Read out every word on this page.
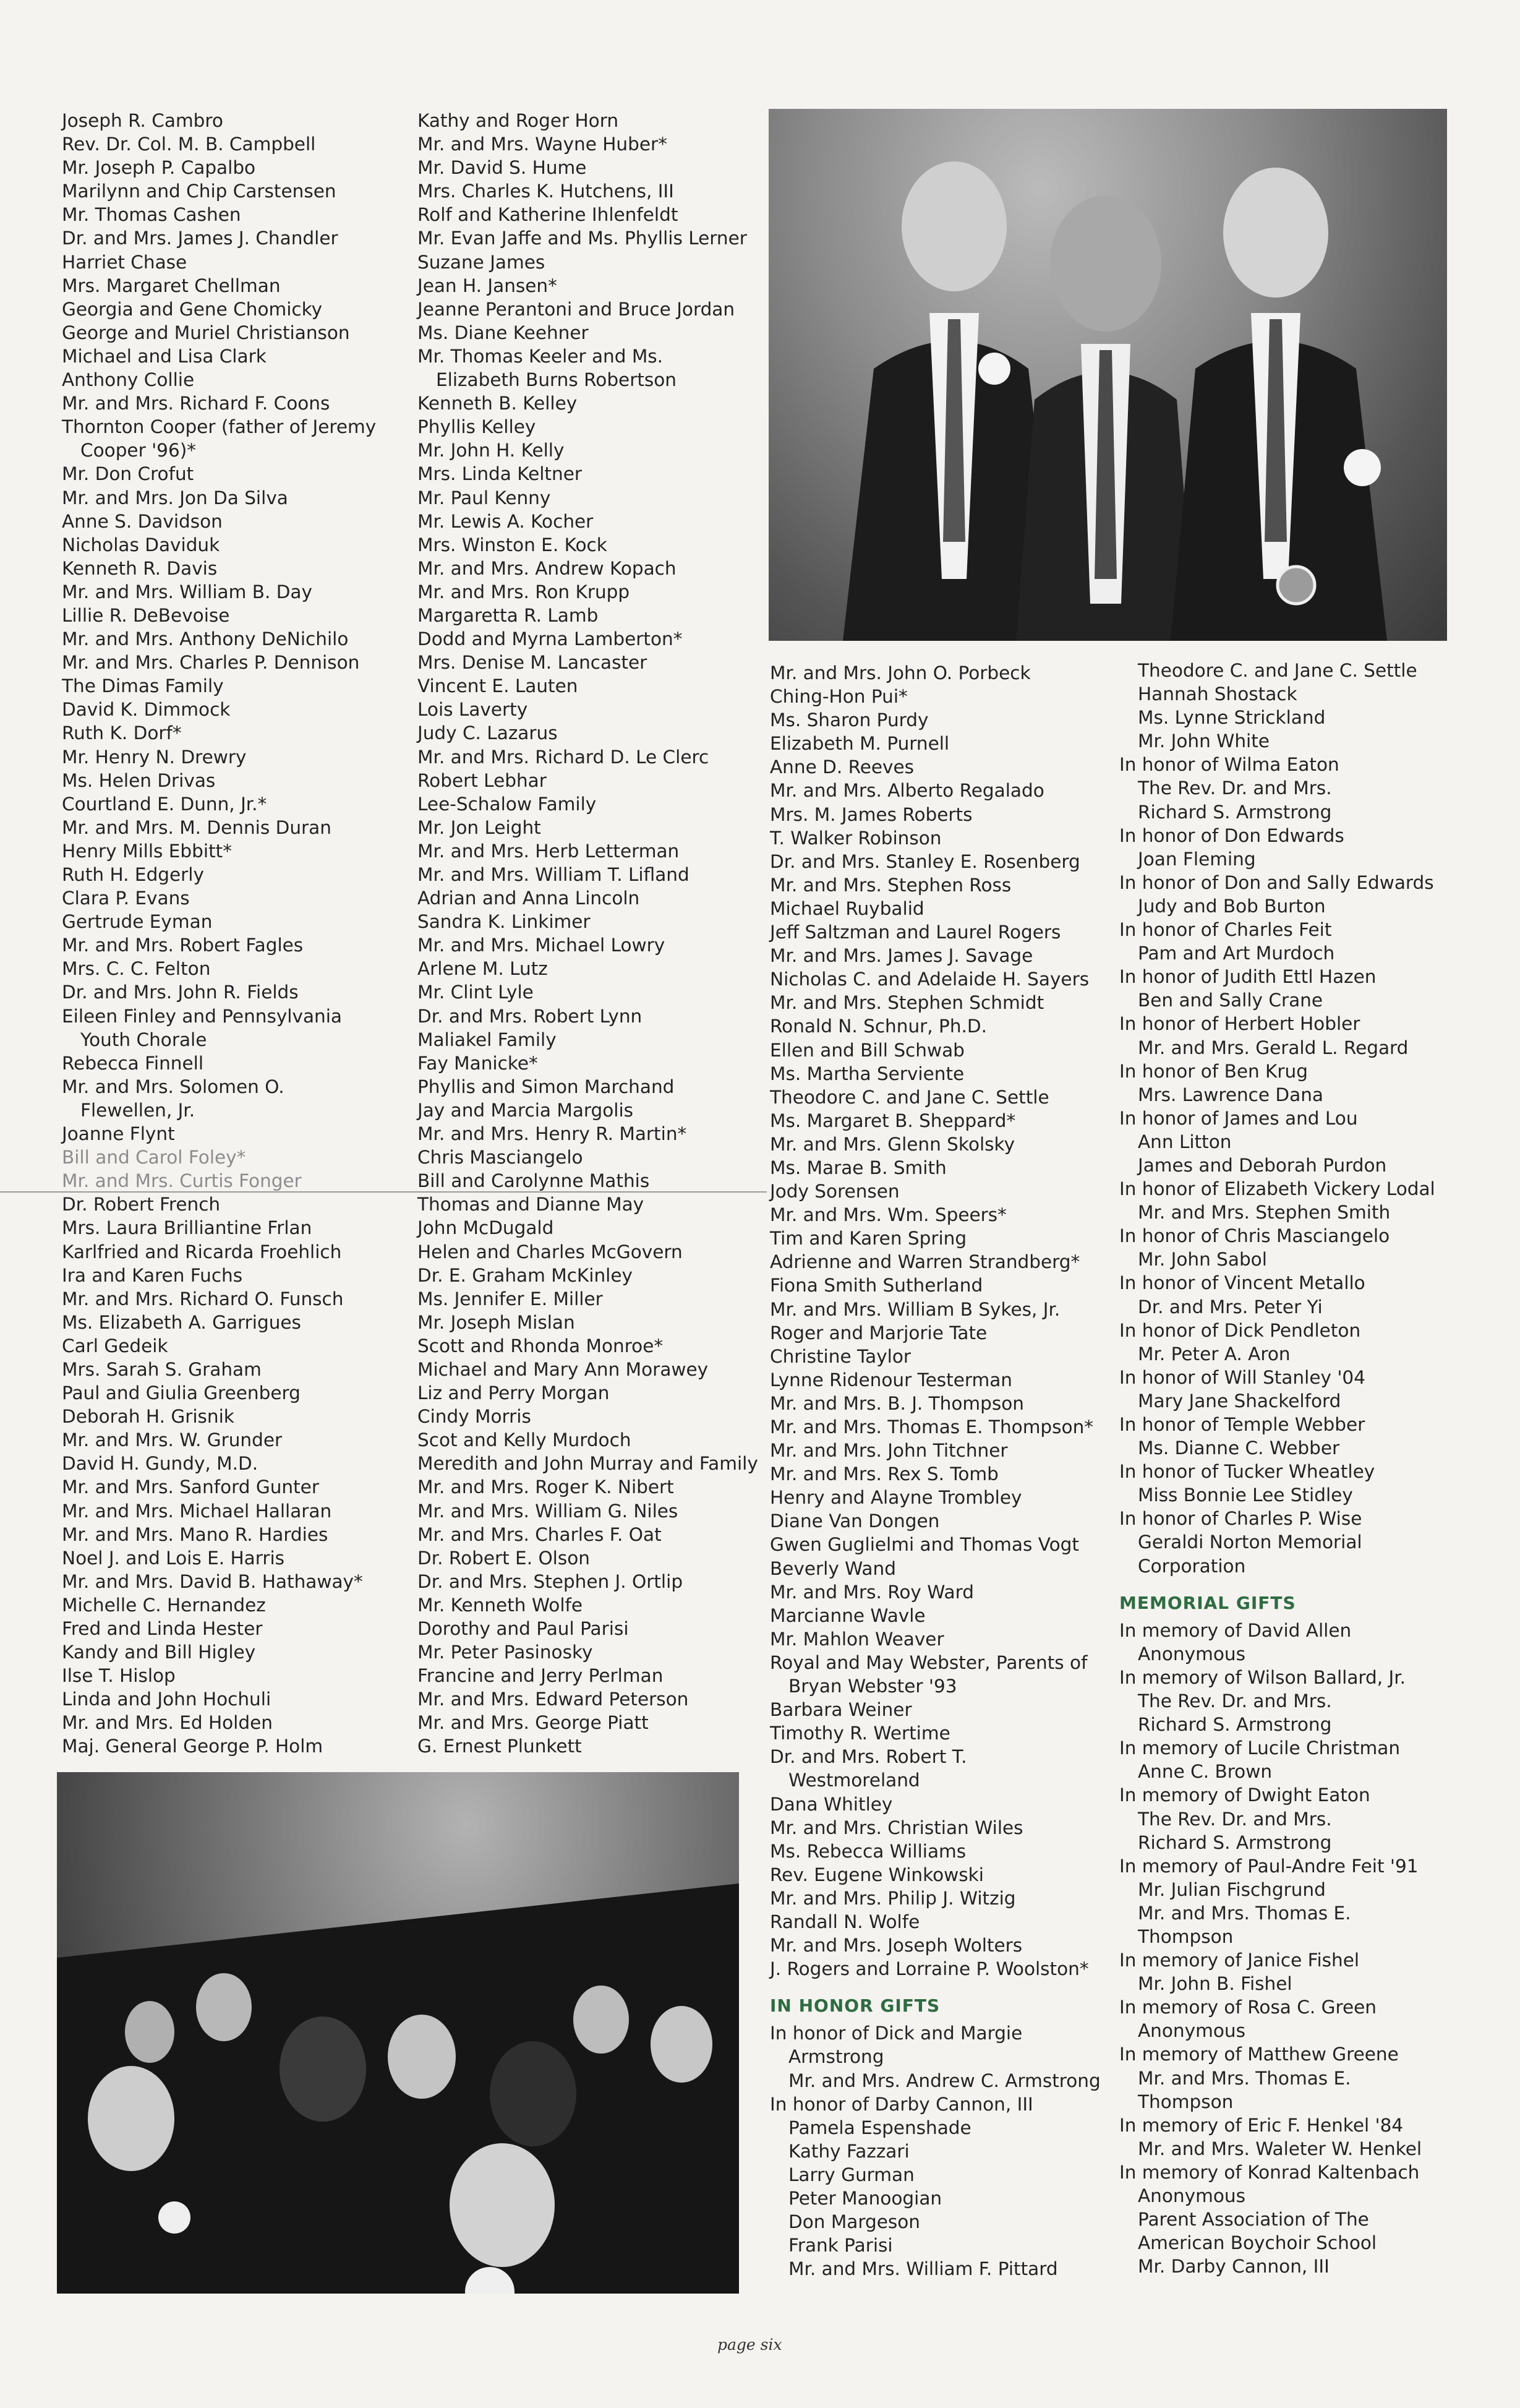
Joseph R. Cambro
Rev. Dr. Col. M. B. Campbell
Mr. Joseph P. Capalbo
Marilynn and Chip Carstensen
Mr. Thomas Cashen
Dr. and Mrs. James J. Chandler
Harriet Chase
Mrs. Margaret Chellman
Georgia and Gene Chomicky
George and Muriel Christianson
Michael and Lisa Clark
Anthony Collie
Mr. and Mrs. Richard F. Coons
Thornton Cooper (father of Jeremy
Cooper '96)*
Mr. Don Crofut
Mr. and Mrs. Jon Da Silva
Anne S. Davidson
Nicholas Daviduk
Kenneth R. Davis
Mr. and Mrs. William B. Day
Lillie R. DeBevoise
Mr. and Mrs. Anthony DeNichilo
Mr. and Mrs. Charles P. Dennison
The Dimas Family
David K. Dimmock
Ruth K. Dorf*
Mr. Henry N. Drewry
Ms. Helen Drivas
Courtland E. Dunn, Jr.*
Mr. and Mrs. M. Dennis Duran
Henry Mills Ebbitt*
Ruth H. Edgerly
Clara P. Evans
Gertrude Eyman
Mr. and Mrs. Robert Fagles
Mrs. C. C. Felton
Dr. and Mrs. John R. Fields
Eileen Finley and Pennsylvania
Youth Chorale
Rebecca Finnell
Mr. and Mrs. Solomen O.
Flewellen, Jr.
Joanne Flynt
Bill and Carol Foley*
Mr. and Mrs. Curtis Fonger
Dr. Robert French
Mrs. Laura Brilliantine Frlan
Karlfried and Ricarda Froehlich
Ira and Karen Fuchs
Mr. and Mrs. Richard O. Funsch
Ms. Elizabeth A. Garrigues
Carl Gedeik
Mrs. Sarah S. Graham
Paul and Giulia Greenberg
Deborah H. Grisnik
Mr. and Mrs. W. Grunder
David H. Gundy, M.D.
Mr. and Mrs. Sanford Gunter
Mr. and Mrs. Michael Hallaran
Mr. and Mrs. Mano R. Hardies
Noel J. and Lois E. Harris
Mr. and Mrs. David B. Hathaway*
Michelle C. Hernandez
Fred and Linda Hester
Kandy and Bill Higley
Ilse T. Hislop
Linda and John Hochuli
Mr. and Mrs. Ed Holden
Maj. General George P. Holm
Kathy and Roger Horn
Mr. and Mrs. Wayne Huber*
Mr. David S. Hume
Mrs. Charles K. Hutchens, III
Rolf and Katherine Ihlenfeldt
Mr. Evan Jaffe and Ms. Phyllis Lerner
Suzane James
Jean H. Jansen*
Jeanne Perantoni and Bruce Jordan
Ms. Diane Keehner
Mr. Thomas Keeler and Ms.
Elizabeth Burns Robertson
Kenneth B. Kelley
Phyllis Kelley
Mr. John H. Kelly
Mrs. Linda Keltner
Mr. Paul Kenny
Mr. Lewis A. Kocher
Mrs. Winston E. Kock
Mr. and Mrs. Andrew Kopach
Mr. and Mrs. Ron Krupp
Margaretta R. Lamb
Dodd and Myrna Lamberton*
Mrs. Denise M. Lancaster
Vincent E. Lauten
Lois Laverty
Judy C. Lazarus
Mr. and Mrs. Richard D. Le Clerc
Robert Lebhar
Lee-Schalow Family
Mr. Jon Leight
Mr. and Mrs. Herb Letterman
Mr. and Mrs. William T. Lifland
Adrian and Anna Lincoln
Sandra K. Linkimer
Mr. and Mrs. Michael Lowry
Arlene M. Lutz
Mr. Clint Lyle
Dr. and Mrs. Robert Lynn
Maliakel Family
Fay Manicke*
Phyllis and Simon Marchand
Jay and Marcia Margolis
Mr. and Mrs. Henry R. Martin*
Chris Masciangelo
Bill and Carolynne Mathis
Thomas and Dianne May
John McDugald
Helen and Charles McGovern
Dr. E. Graham McKinley
Ms. Jennifer E. Miller
Mr. Joseph Mislan
Scott and Rhonda Monroe*
Michael and Mary Ann Morawey
Liz and Perry Morgan
Cindy Morris
Scot and Kelly Murdoch
Meredith and John Murray and Family
Mr. and Mrs. Roger K. Nibert
Mr. and Mrs. William G. Niles
Mr. and Mrs. Charles F. Oat
Dr. Robert E. Olson
Dr. and Mrs. Stephen J. Ortlip
Mr. Kenneth Wolfe
Dorothy and Paul Parisi
Mr. Peter Pasinosky
Francine and Jerry Perlman
Mr. and Mrs. Edward Peterson
Mr. and Mrs. George Piatt
G. Ernest Plunkett
Mr. and Mrs. John O. Porbeck
Ching-Hon Pui*
Ms. Sharon Purdy
Elizabeth M. Purnell
Anne D. Reeves
Mr. and Mrs. Alberto Regalado
Mrs. M. James Roberts
T. Walker Robinson
Dr. and Mrs. Stanley E. Rosenberg
Mr. and Mrs. Stephen Ross
Michael Ruybalid
Jeff Saltzman and Laurel Rogers
Mr. and Mrs. James J. Savage
Nicholas C. and Adelaide H. Sayers
Mr. and Mrs. Stephen Schmidt
Ronald N. Schnur, Ph.D.
Ellen and Bill Schwab
Ms. Martha Serviente
Theodore C. and Jane C. Settle
Ms. Margaret B. Sheppard*
Mr. and Mrs. Glenn Skolsky
Ms. Marae B. Smith
Jody Sorensen
Mr. and Mrs. Wm. Speers*
Tim and Karen Spring
Adrienne and Warren Strandberg*
Fiona Smith Sutherland
Mr. and Mrs. William B Sykes, Jr.
Roger and Marjorie Tate
Christine Taylor
Lynne Ridenour Testerman
Mr. and Mrs. B. J. Thompson
Mr. and Mrs. Thomas E. Thompson*
Mr. and Mrs. John Titchner
Mr. and Mrs. Rex S. Tomb
Henry and Alayne Trombley
Diane Van Dongen
Gwen Guglielmi and Thomas Vogt
Beverly Wand
Mr. and Mrs. Roy Ward
Marcianne Wavle
Mr. Mahlon Weaver
Royal and May Webster, Parents of
Bryan Webster '93
Barbara Weiner
Timothy R. Wertime
Dr. and Mrs. Robert T.
Westmoreland
Dana Whitley
Mr. and Mrs. Christian Wiles
Ms. Rebecca Williams
Rev. Eugene Winkowski
Mr. and Mrs. Philip J. Witzig
Randall N. Wolfe
Mr. and Mrs. Joseph Wolters
J. Rogers and Lorraine P. Woolston*
IN HONOR GIFTS
In honor of Dick and Margie
Armstrong
Mr. and Mrs. Andrew C. Armstrong
In honor of Darby Cannon, III
Pamela Espenshade
Kathy Fazzari
Larry Gurman
Peter Manoogian
Don Margeson
Frank Parisi
Mr. and Mrs. William F. Pittard
Theodore C. and Jane C. Settle
Hannah Shostack
Ms. Lynne Strickland
Mr. John White
In honor of Wilma Eaton
The Rev. Dr. and Mrs.
Richard S. Armstrong
In honor of Don Edwards
Joan Fleming
In honor of Don and Sally Edwards
Judy and Bob Burton
In honor of Charles Feit
Pam and Art Murdoch
In honor of Judith Ettl Hazen
Ben and Sally Crane
In honor of Herbert Hobler
Mr. and Mrs. Gerald L. Regard
In honor of Ben Krug
Mrs. Lawrence Dana
In honor of James and Lou
Ann Litton
James and Deborah Purdon
In honor of Elizabeth Vickery Lodal
Mr. and Mrs. Stephen Smith
In honor of Chris Masciangelo
Mr. John Sabol
In honor of Vincent Metallo
Dr. and Mrs. Peter Yi
In honor of Dick Pendleton
Mr. Peter A. Aron
In honor of Will Stanley '04
Mary Jane Shackelford
In honor of Temple Webber
Ms. Dianne C. Webber
In honor of Tucker Wheatley
Miss Bonnie Lee Stidley
In honor of Charles P. Wise
Geraldi Norton Memorial
Corporation
MEMORIAL GIFTS
In memory of David Allen
Anonymous
In memory of Wilson Ballard, Jr.
The Rev. Dr. and Mrs.
Richard S. Armstrong
In memory of Lucile Christman
Anne C. Brown
In memory of Dwight Eaton
The Rev. Dr. and Mrs.
Richard S. Armstrong
In memory of Paul-Andre Feit '91
Mr. Julian Fischgrund
Mr. and Mrs. Thomas E.
Thompson
In memory of Janice Fishel
Mr. John B. Fishel
In memory of Rosa C. Green
Anonymous
In memory of Matthew Greene
Mr. and Mrs. Thomas E.
Thompson
In memory of Eric F. Henkel '84
Mr. and Mrs. Waleter W. Henkel
In memory of Konrad Kaltenbach
Anonymous
Parent Association of The
American Boychoir School
Mr. Darby Cannon, III
page six
